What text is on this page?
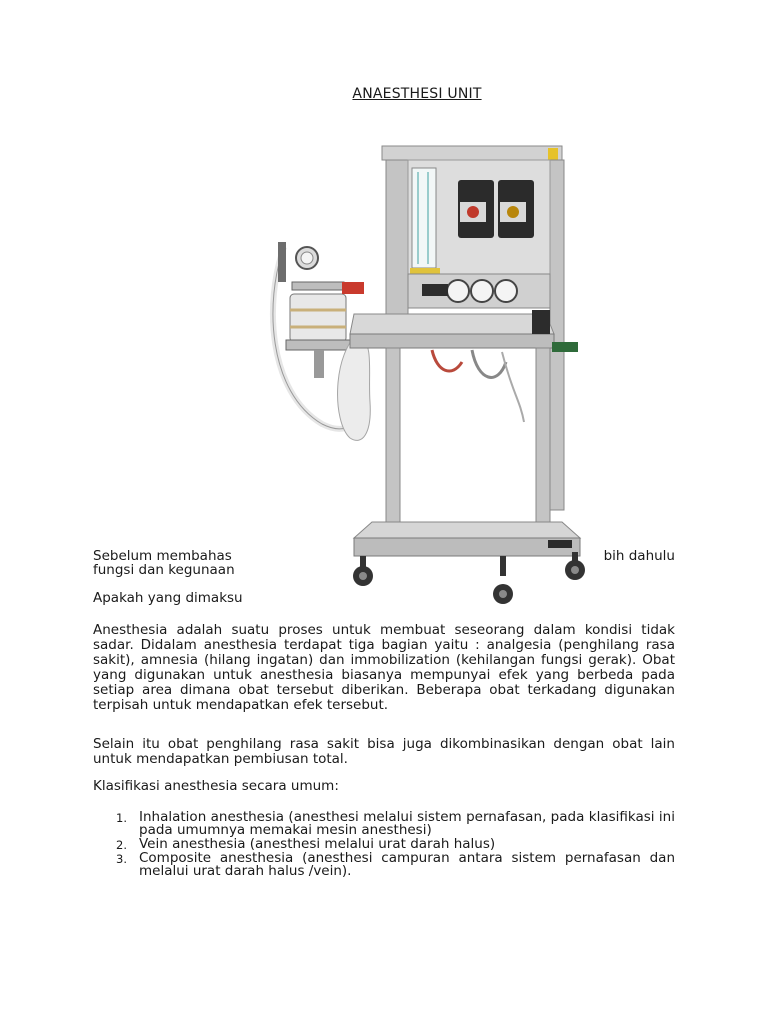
ANAESTHESI UNIT
Sebelum membahas	bih dahulu
fungsi dan kegunaan
Apakah yang dimaksu
Anesthesia adalah suatu proses untuk membuat seseorang dalam kondisi tidak sadar. Didalam anesthesia terdapat tiga bagian yaitu : analgesia (penghilang rasa sakit), amnesia (hilang ingatan) dan immobilization (kehilangan fungsi gerak). Obat yang digunakan untuk anesthesia biasanya mempunyai efek yang berbeda pada setiap area dimana obat tersebut diberikan. Beberapa obat terkadang digunakan terpisah untuk mendapatkan efek tersebut.
Selain itu obat penghilang rasa sakit bisa juga dikombinasikan dengan obat lain untuk mendapatkan pembiusan total.
Klasifikasi anesthesia secara umum:
1. Inhalation anesthesia (anesthesi melalui sistem pernafasan, pada klasifikasi ini pada umumnya memakai mesin anesthesi)
2. Vein anesthesia (anesthesi melalui urat darah halus)
3. Composite anesthesia (anesthesi campuran antara sistem pernafasan dan melalui urat darah halus /vein).
